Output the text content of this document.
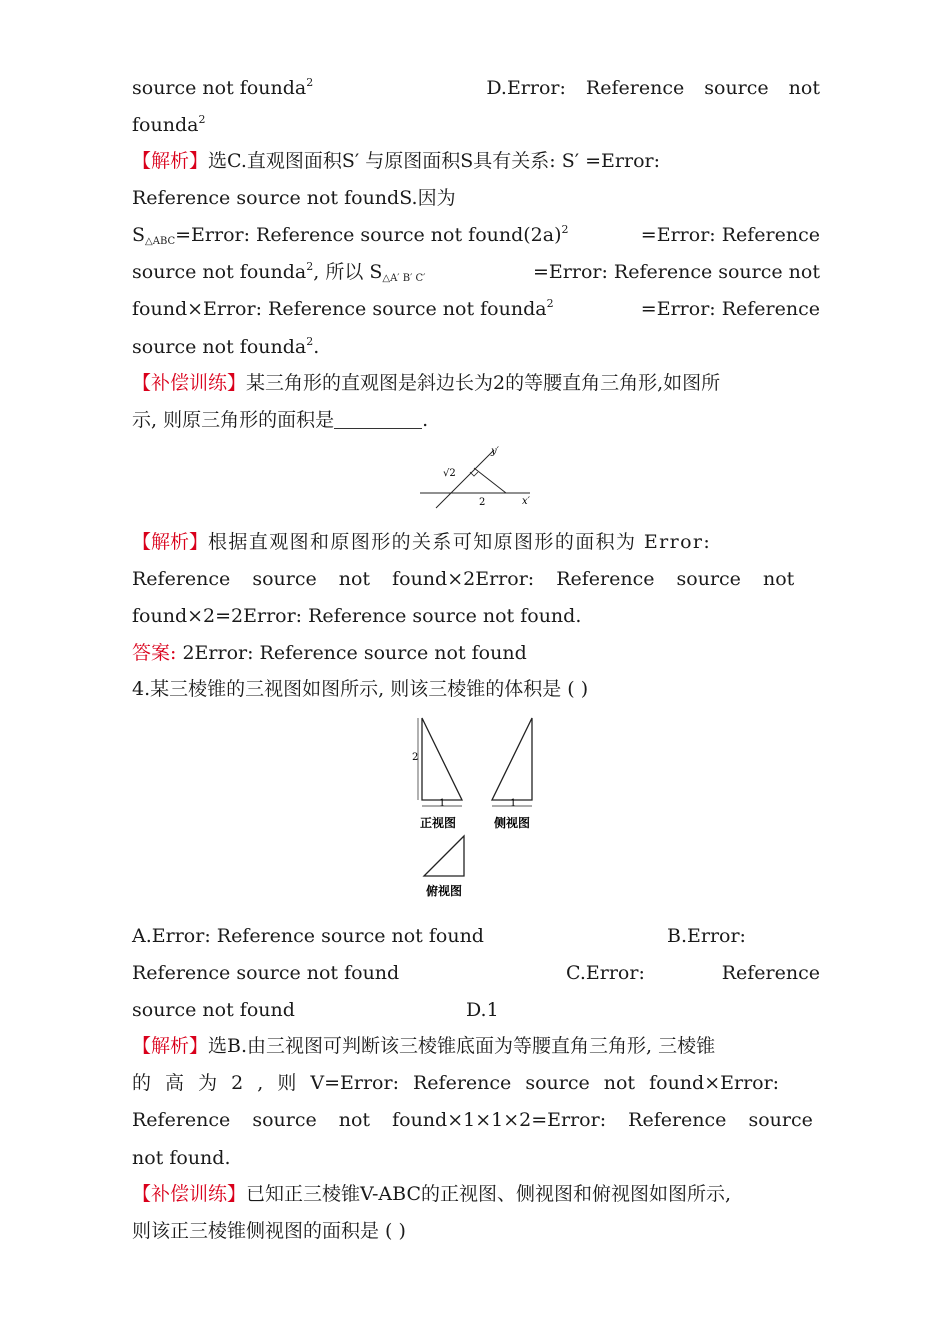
source not founda$^2$	D.Error: Reference source not
founda$^2$
【解析】选C.直观图面积S′ 与原图面积S具有关系: S′ =Error:
Reference source not foundS.因为
$S_{\triangle ABC}=Error$: Reference source not $found(2a)^2$	=Error: Reference
source not founda$^2$, 所以 $S_{\triangle A' B' C'}$	=Error: Reference source not
found×Error: Reference source not founda$^2$	=Error: Reference
source not founda$^2$.
【补偿训练】某三角形的直观图是斜边长为2的等腰直角三角形,如图所
示, 则原三角形的面积是	.
y′
x′
√2
2
【解析】根据直观图和原图形的关系可知原图形的面积为 Error:
Reference source not found×2Error: Reference source not
found×2=2Error: Reference source not found.
答案: 2Error: Reference source not found
4.某三棱锥的三视图如图所示, 则该三棱锥的体积是 ( )
2
1
正视图
1
侧视图
俯视图
A.Error: Reference source not found	B.Error:
Reference source not found	C.Error:	Reference
source not found	D.1
【解析】选B.由三视图可判断该三棱锥底面为等腰直角三角形, 三棱锥
的 高 为 2 , 则 V=Error: Reference source not found×Error:
Reference source not found×1×1×2=Error: Reference source
not found.
【补偿训练】已知正三棱锥V-ABC的正视图、侧视图和俯视图如图所示,
则该正三棱锥侧视图的面积是 ( )
